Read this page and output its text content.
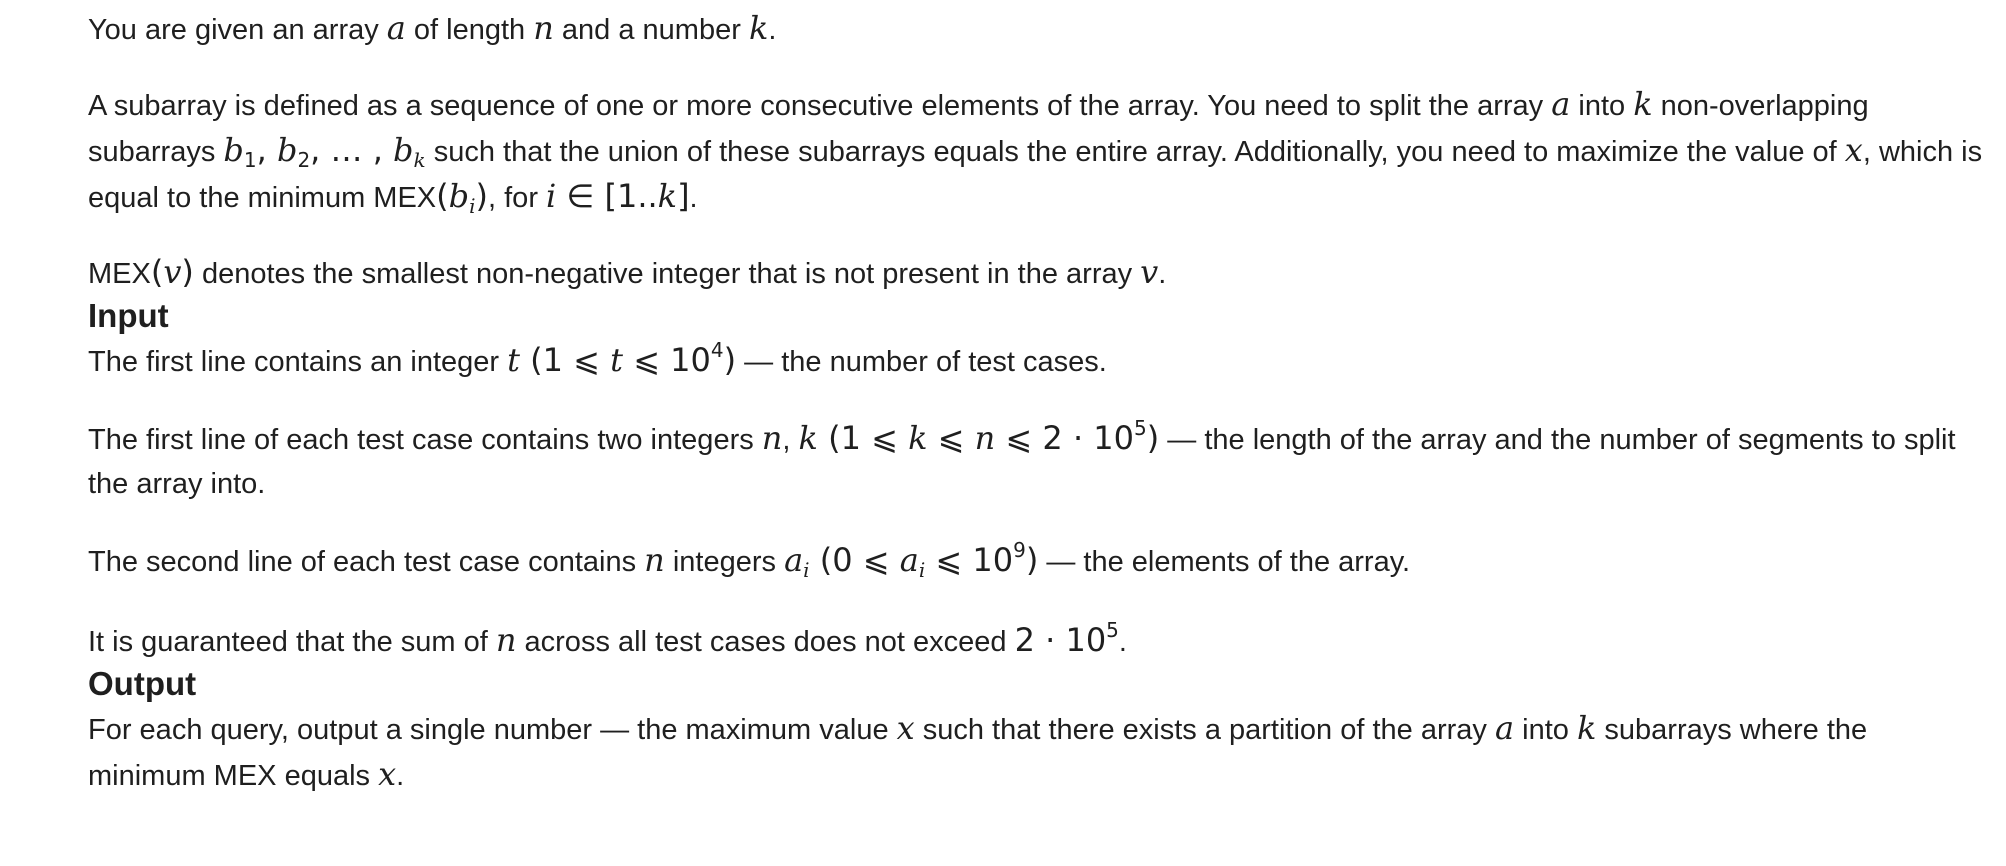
You are given an array a of length n and a number k.

A subarray is defined as a sequence of one or more consecutive elements of the array. You need to split the array a into k non-overlapping subarrays $b_1$, $b_2$, … , $b_k$ such that the union of these subarrays equals the entire array. Additionally, you need to maximize the value of x, which is equal to the minimum $MEX(b_i)$, for i ∈ [1..k].

MEX(v) denotes the smallest non-negative integer that is not present in the array v.

Input

The first line contains an integer t (1 ⩽ t ⩽ $10^4$) — the number of test cases.

The first line of each test case contains two integers n, k (1 ⩽ k ⩽ n ⩽ $2 \cdot 10^5$) — the length of the array and the number of segments to split the array into.

The second line of each test case contains n integers $a_i$ (0 ⩽ $a_i$ ⩽ $10^9$) — the elements of the array.

It is guaranteed that the sum of n across all test cases does not exceed $2 \cdot 10^5$.

Output

For each query, output a single number — the maximum value x such that there exists a partition of the array a into k subarrays where the minimum MEX equals x.
